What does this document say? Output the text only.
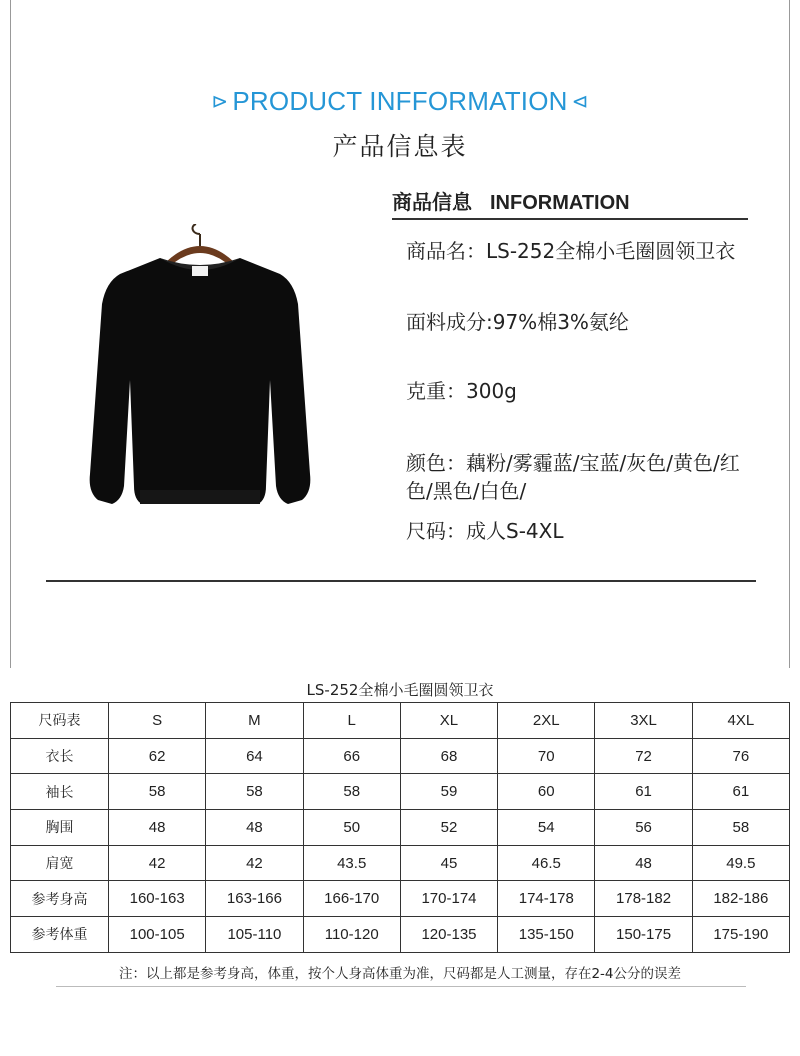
⊳ PRODUCT INFFORMATION ⊲
产品信息表
商品信息 INFORMATION
商品名：LS-252全棉小毛圈圆领卫衣
面料成分:97%棉3%氨纶
克重：300g
颜色：藕粉/雾霾蓝/宝蓝/灰色/黄色/红色/黑色/白色/
尺码：成人S-4XL
LS-252全棉小毛圈圆领卫衣
尺码表	S	M	L	XL	2XL	3XL	4XL
衣长	62	64	66	68	70	72	76
袖长	58	58	58	59	60	61	61
胸围	48	48	50	52	54	56	58
肩宽	42	42	43.5	45	46.5	48	49.5
参考身高	160-163	163-166	166-170	170-174	174-178	178-182	182-186
参考体重	100-105	105-110	110-120	120-135	135-150	150-175	175-190
注：以上都是参考身高，体重，按个人身高体重为准，尺码都是人工测量，存在2-4公分的误差
